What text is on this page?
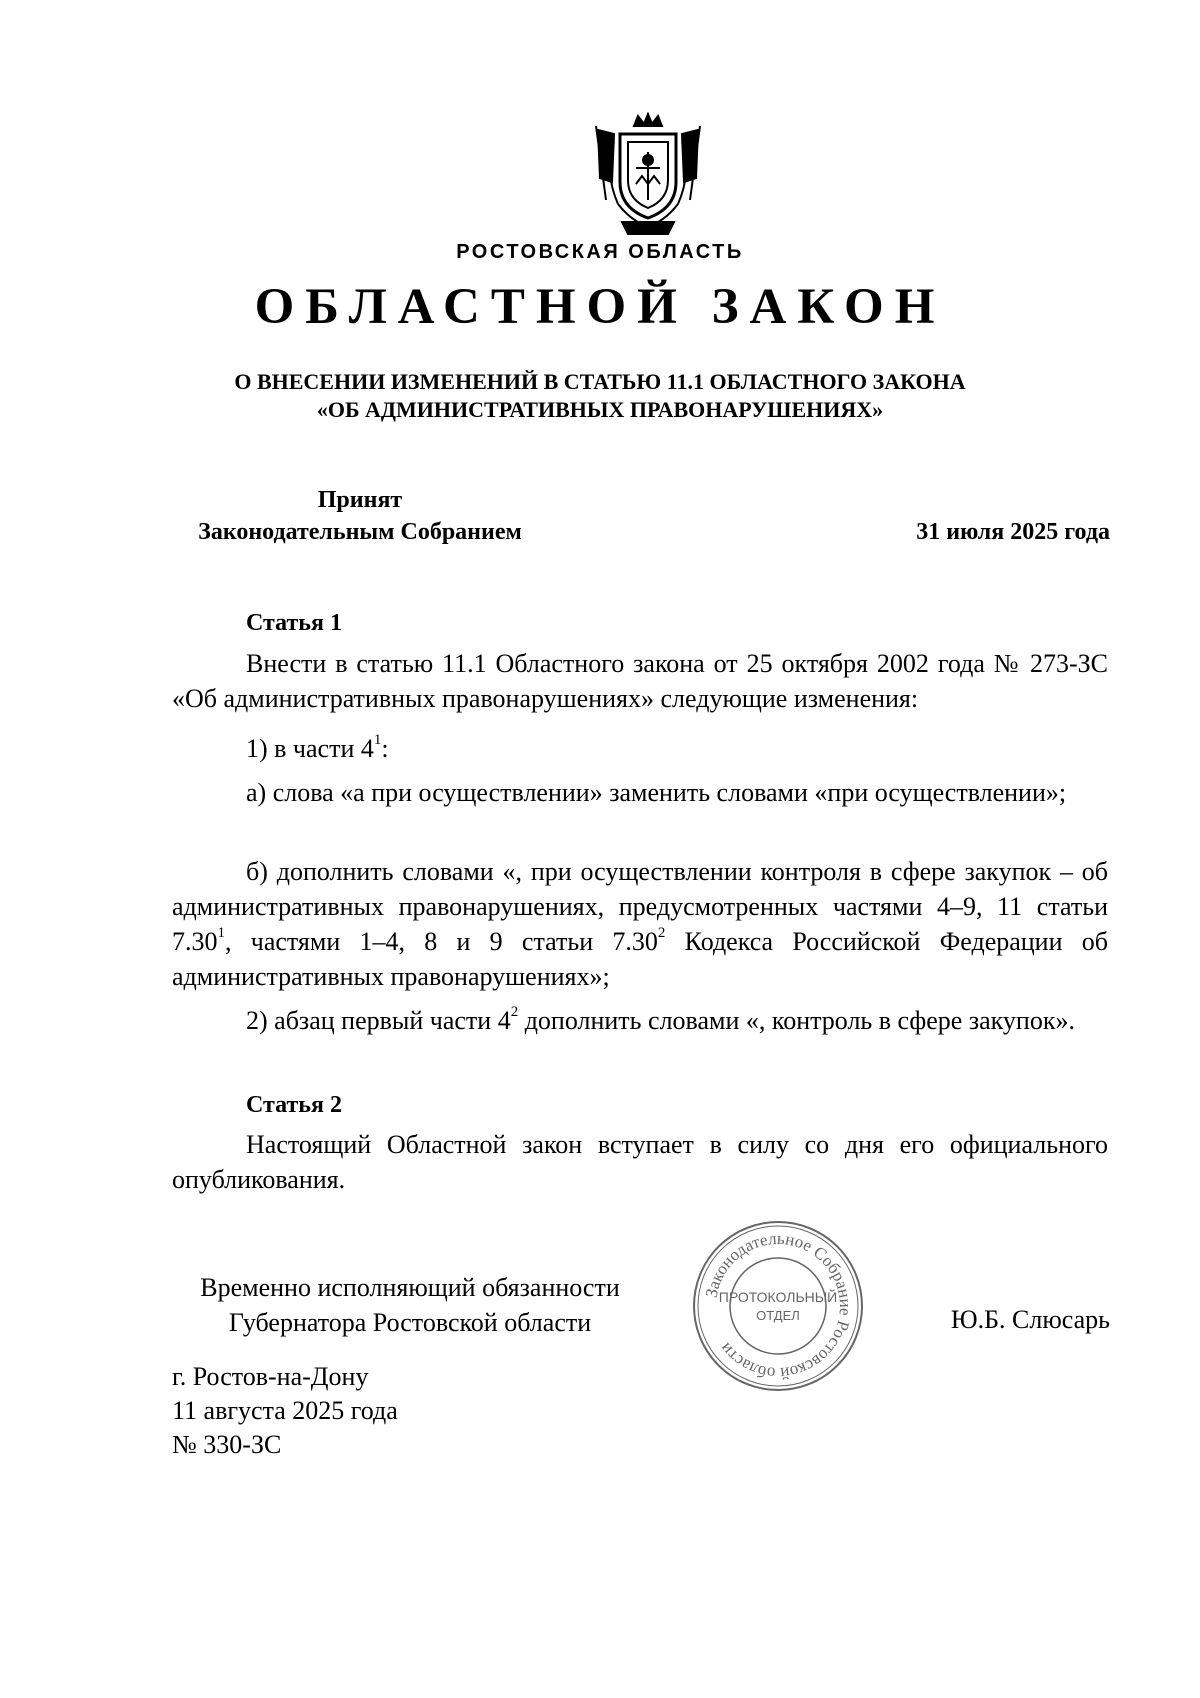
РОСТОВСКАЯ ОБЛАСТЬ
ОБЛАСТНОЙ ЗАКОН
О ВНЕСЕНИИ ИЗМЕНЕНИЙ В СТАТЬЮ 11.1 ОБЛАСТНОГО ЗАКОНА
«ОБ АДМИНИСТРАТИВНЫХ ПРАВОНАРУШЕНИЯХ»
Принят
Законодательным Собранием	31 июля 2025 года
Статья 1
Внести в статью 11.1 Областного закона от 25 октября 2002 года № 273-ЗС «Об административных правонарушениях» следующие изменения:
1) в части $4^1$:
а) слова «а при осуществлении» заменить словами «при осуществлении»;
б) дополнить словами «, при осуществлении контроля в сфере закупок – об административных правонарушениях, предусмотренных частями 4–9, 11 статьи 7.30$^1$, частями 1–4, 8 и 9 статьи 7.30$^2$ Кодекса Российской Федерации об административных правонарушениях»;
2) абзац первый части $4^2$ дополнить словами «, контроль в сфере закупок».
Статья 2
Настоящий Областной закон вступает в силу со дня его официального опубликования.
Временно исполняющий обязанности
Губернатора Ростовской области
Законодательное Собрание Ростовской области
ПРОТОКОЛЬНЫЙ
ОТДЕЛ	Ю.Б. Слюсарь
г. Ростов-на-Дону
11 августа 2025 года
№ 330-ЗС
